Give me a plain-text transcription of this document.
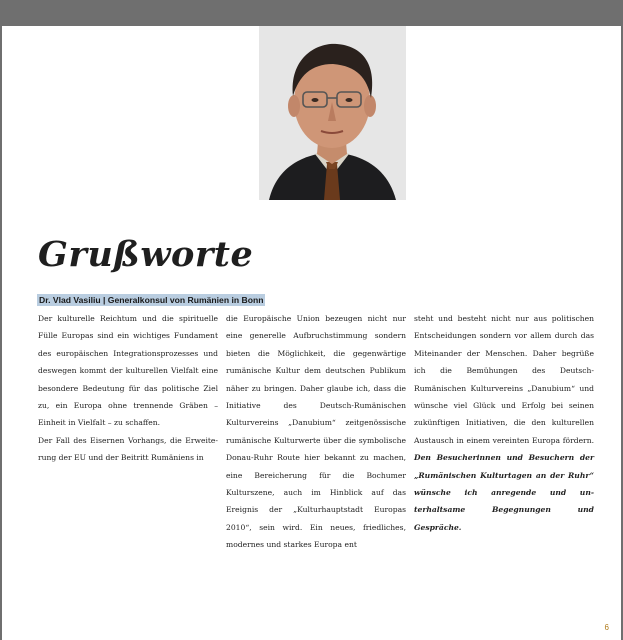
Grußworte
Dr. Vlad Vasiliu | Generalkonsul von Rumänien in Bonn

Der kulturelle Reichtum und die spirituelle Fülle Europas sind ein wichtiges Fundament des europäischen Integrationsprozesses und deswegen kommt der kulturellen Vielfalt eine besondere Bedeutung für das politische Ziel zu, ein Europa ohne trennende Gräben – Einheit in Vielfalt – zu schaffen.

Der Fall des Eisernen Vorhangs, die Erweiterung der EU und der Beitritt Rumäniens in

die Europäische Union bezeugen nicht nur eine generelle Aufbruchstimmung sondern bieten die Möglichkeit, die gegenwärtige rumänische Kultur dem deutschen Publikum näher zu bringen. Daher glaube ich, dass die Initiative des Deutsch-Rumänischen Kulturvereins „Danubium“ zeitgenössische rumänische Kulturwerte über die symbolische Donau-Ruhr Route hier bekannt zu machen, eine Bereicherung für die Bochumer Kulturszene, auch im Hinblick auf das Ereignis der „Kulturhauptstadt Europas 2010“, sein wird. Ein neues, friedliches, modernes und starkes Europa ent

steht und besteht nicht nur aus politischen Entscheidungen sondern vor allem durch das Miteinander der Menschen. Daher begrüße ich die Bemühungen des Deutsch-Rumänischen Kulturvereins „Danubium“ und wünsche viel Glück und Erfolg bei seinen zukünftigen Initiativen, die den kulturellen Austausch in einem vereinten Europa fördern. Den Besucherinnen und Besuchern der „Rumänischen Kulturtagen an der Ruhr“ wünsche ich anregende und unterhaltsame Begegnungen und Gespräche.

6
